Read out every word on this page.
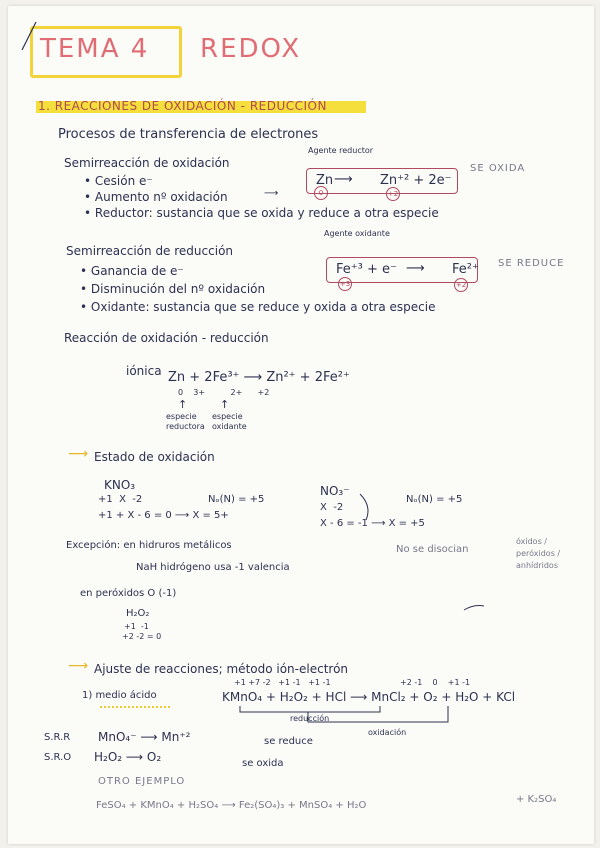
TEMA 4 REDOX
1. REACCIONES DE OXIDACIÓN - REDUCCIÓN
Procesos de transferencia de electrones
Semirreacción de oxidación
• Cesión e⁻
• Aumento nº oxidación
• Reductor: sustancia que se oxida y reduce a otra especie
Agente reductor
Zn ⟶ Zn⁺² + 2e⁻
0	+2
SE OXIDA
⟶
Semirreacción de reducción
• Ganancia de e⁻
• Disminución del nº oxidación
• Oxidante: sustancia que se reduce y oxida a otra especie
Agente oxidante
Fe⁺³ + e⁻ ⟶ Fe²⁺
+3	+2
SE REDUCE
Reacción de oxidación - reducción
iónica Zn + 2Fe³⁺ ⟶ Zn²⁺ + 2Fe²⁺
0    3+          2+      +2
↑	↑
especie reductora
especie oxidante
⟶ Estado de oxidación
KNO₃
+1  X  -2
+1 + X - 6 = 0 ⟶ X = 5+
Nₒ(N) = +5
NO₃⁻
X  -2
X - 6 = -1 ⟶ X = +5
Nₒ(N) = +5
Excepción: en hidruros metálicos
NaH hidrógeno usa -1 valencia
No se disocian
óxidos / peróxidos / anhídridos
en peróxidos O (-1)
H₂O₂
+1  -1
+2 -2 = 0
⟶ Ajuste de reacciones; método ión-electrón
+1 +7 -2   +1 -1   +1 -1	+2 -1    0    +1 -1
1) medio ácido	KMnO₄ + H₂O₂ + HCl ⟶ MnCl₂ + O₂ + H₂O + KCl
reducción
oxidación
S.R.R MnO₄⁻ ⟶ Mn⁺²	se reduce
S.R.O H₂O₂ ⟶ O₂	se oxida
OTRO EJEMPLO
FeSO₄ + KMnO₄ + H₂SO₄ ⟶ Fe₂(SO₄)₃ + MnSO₄ + H₂O
+ K₂SO₄
